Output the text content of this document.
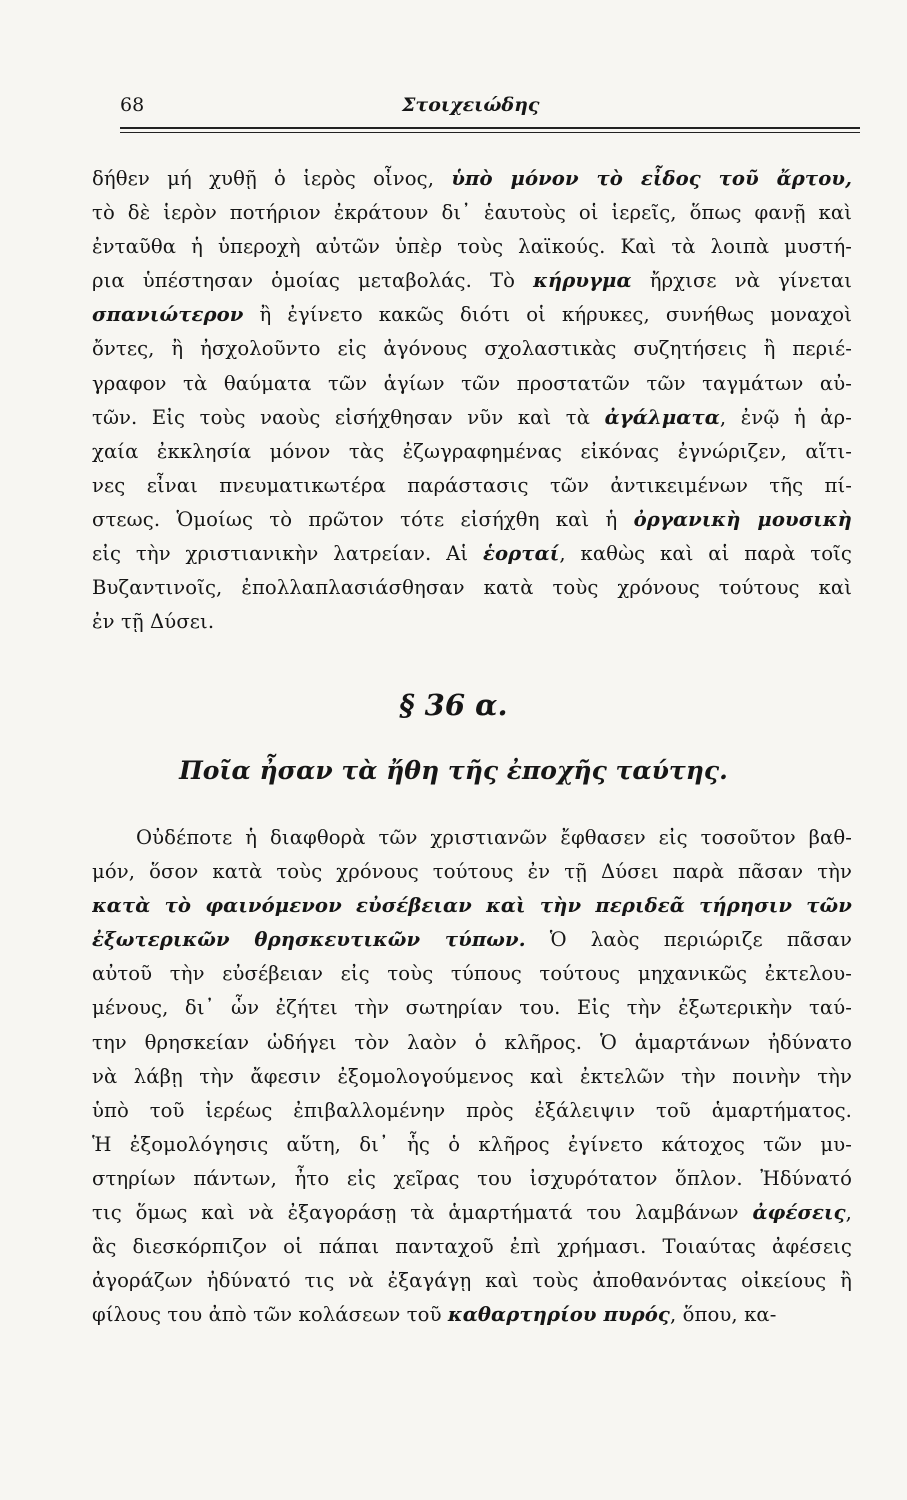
68	Στοιχειώδης
δήθεν μή χυθῇ ὁ ἱερὸς οἶνος, ὑπὸ μόνον τὸ εἶδος τοῦ ἄρτου,
τὸ δὲ ἱερὸν ποτήριον ἐκράτουν δι᾽ ἑαυτοὺς οἱ ἱερεῖς, ὅπως φανῇ καὶ
ἐνταῦθα ἡ ὑπεροχὴ αὐτῶν ὑπὲρ τοὺς λαϊκούς. Καὶ τὰ λοιπὰ μυστή-
ρια ὑπέστησαν ὁμοίας μεταβολάς. Τὸ κήρυγμα ἤρχισε νὰ γίνεται
σπανιώτερον ἢ ἐγίνετο κακῶς διότι οἱ κήρυκες, συνήθως μοναχοὶ
ὄντες, ἢ ἠσχολοῦντο εἰς ἀγόνους σχολαστικὰς συζητήσεις ἢ περιέ-
γραφον τὰ θαύματα τῶν ἁγίων τῶν προστατῶν τῶν ταγμάτων αὐ-
τῶν. Εἰς τοὺς ναοὺς εἰσήχθησαν νῦν καὶ τὰ ἀγάλματα, ἐνῷ ἡ ἀρ-
χαία ἐκκλησία μόνον τὰς ἐζωγραφημένας εἰκόνας ἐγνώριζεν, αἵτι-
νες εἶναι πνευματικωτέρα παράστασις τῶν ἀντικειμένων τῆς πί-
στεως. Ὁμοίως τὸ πρῶτον τότε εἰσήχθη καὶ ἡ ὀργανικὴ μουσικὴ
εἰς τὴν χριστιανικὴν λατρείαν. Αἱ ἑορταί, καθὼς καὶ αἱ παρὰ τοῖς
Βυζαντινοῖς, ἐπολλαπλασιάσθησαν κατὰ τοὺς χρόνους τούτους καὶ
ἐν τῇ Δύσει.
§ 36 α.
Ποῖα ἦσαν τὰ ἤθη τῆς ἐποχῆς ταύτης.
Οὐδέποτε ἡ διαφθορὰ τῶν χριστιανῶν ἔφθασεν εἰς τοσοῦτον βαθ-
μόν, ὅσον κατὰ τοὺς χρόνους τούτους ἐν τῇ Δύσει παρὰ πᾶσαν τὴν
κατὰ τὸ φαινόμενον εὐσέβειαν καὶ τὴν περιδεᾶ τήρησιν τῶν
ἐξωτερικῶν θρησκευτικῶν τύπων. Ὁ λαὸς περιώριζε πᾶσαν
αὐτοῦ τὴν εὐσέβειαν εἰς τοὺς τύπους τούτους μηχανικῶς ἐκτελου-
μένους, δι᾽ ὧν ἐζήτει τὴν σωτηρίαν του. Εἰς τὴν ἐξωτερικὴν ταύ-
την θρησκείαν ὡδήγει τὸν λαὸν ὁ κλῆρος. Ὁ ἁμαρτάνων ἠδύνατο
νὰ λάβῃ τὴν ἄφεσιν ἐξομολογούμενος καὶ ἐκτελῶν τὴν ποινὴν τὴν
ὑπὸ τοῦ ἱερέως ἐπιβαλλομένην πρὸς ἐξάλειψιν τοῦ ἁμαρτήματος.
Ἡ ἐξομολόγησις αὕτη, δι᾽ ἧς ὁ κλῆρος ἐγίνετο κάτοχος τῶν μυ-
στηρίων πάντων, ἦτο εἰς χεῖρας του ἰσχυρότατον ὅπλον. Ἠδύνατό
τις ὅμως καὶ νὰ ἐξαγοράσῃ τὰ ἁμαρτήματά του λαμβάνων ἀφέσεις,
ἃς διεσκόρπιζον οἱ πάπαι πανταχοῦ ἐπὶ χρήμασι. Τοιαύτας ἀφέσεις
ἀγοράζων ἠδύνατό τις νὰ ἐξαγάγῃ καὶ τοὺς ἀποθανόντας οἰκείους ἢ
φίλους του ἀπὸ τῶν κολάσεων τοῦ καθαρτηρίου πυρός, ὅπου, κα-
